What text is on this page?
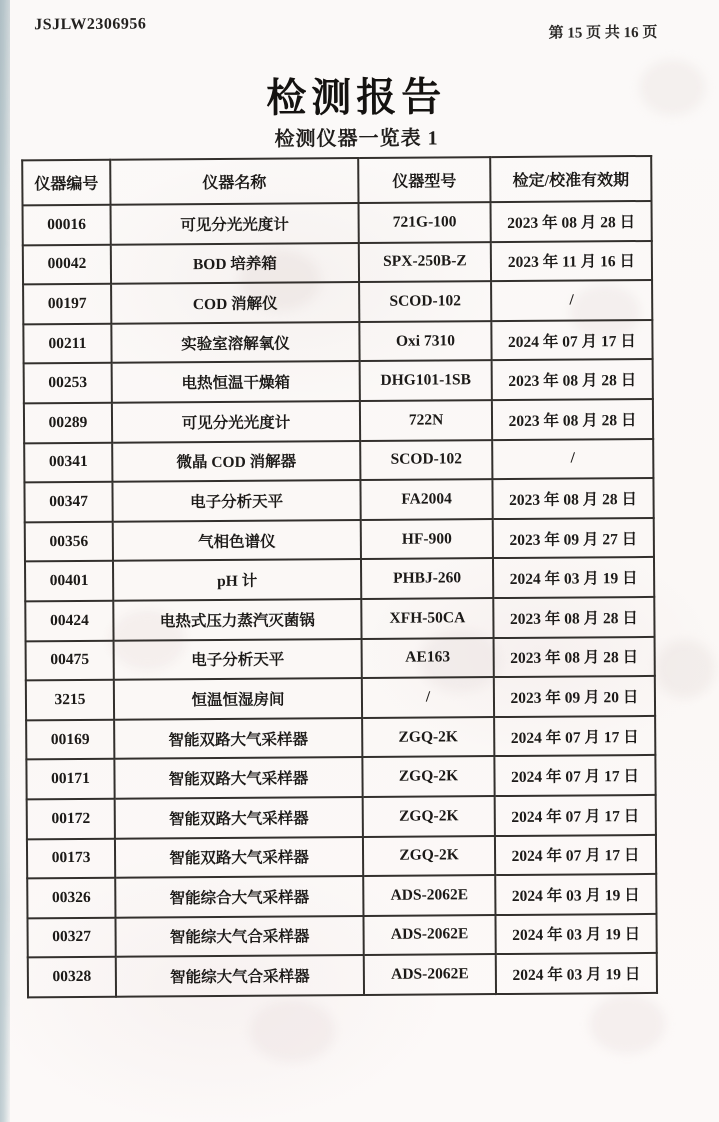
JSJLW2306956
第 15 页 共 16 页
检测报告
检测仪器一览表 1
仪器编号	仪器名称	仪器型号	检定/校准有效期
00016	可见分光光度计	721G-100	2023 年 08 月 28 日
00042	BOD 培养箱	SPX-250B-Z	2023 年 11 月 16 日
00197	COD 消解仪	SCOD-102	/
00211	实验室溶解氧仪	Oxi 7310	2024 年 07 月 17 日
00253	电热恒温干燥箱	DHG101-1SB	2023 年 08 月 28 日
00289	可见分光光度计	722N	2023 年 08 月 28 日
00341	微晶 COD 消解器	SCOD-102	/
00347	电子分析天平	FA2004	2023 年 08 月 28 日
00356	气相色谱仪	HF-900	2023 年 09 月 27 日
00401	pH 计	PHBJ-260	2024 年 03 月 19 日
00424	电热式压力蒸汽灭菌锅	XFH-50CA	2023 年 08 月 28 日
00475	电子分析天平	AE163	2023 年 08 月 28 日
3215	恒温恒湿房间	/	2023 年 09 月 20 日
00169	智能双路大气采样器	ZGQ-2K	2024 年 07 月 17 日
00171	智能双路大气采样器	ZGQ-2K	2024 年 07 月 17 日
00172	智能双路大气采样器	ZGQ-2K	2024 年 07 月 17 日
00173	智能双路大气采样器	ZGQ-2K	2024 年 07 月 17 日
00326	智能综合大气采样器	ADS-2062E	2024 年 03 月 19 日
00327	智能综大气合采样器	ADS-2062E	2024 年 03 月 19 日
00328	智能综大气合采样器	ADS-2062E	2024 年 03 月 19 日
